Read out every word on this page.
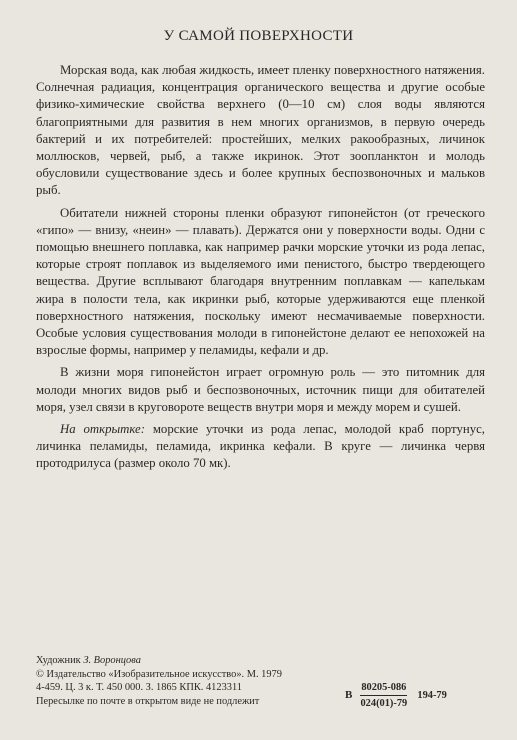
У САМОЙ ПОВЕРХНОСТИ

Морская вода, как любая жидкость, имеет пленку поверхностного натяжения. Солнечная радиация, концентрация органического вещества и другие особые физико-химические свойства верхнего (0—10 см) слоя воды являются благоприятными для развития в нем многих организмов, в первую очередь бактерий и их потребителей: простейших, мелких ракообразных, личинок моллюсков, червей, рыб, а также икринок. Этот зоопланктон и молодь обусловили существование здесь и более крупных беспозвоночных и мальков рыб.

Обитатели нижней стороны пленки образуют гипонейстон (от греческого «гипо» — внизу, «неин» — плавать). Держатся они у поверхности воды. Одни с помощью внешнего поплавка, как например рачки морские уточки из рода лепас, которые строят поплавок из выделяемого ими пенистого, быстро твердеющего вещества. Другие всплывают благодаря внутренним поплавкам — капелькам жира в полости тела, как икринки рыб, которые удерживаются еще пленкой поверхностного натяжения, поскольку имеют несмачиваемые поверхности. Особые условия существования молоди в гипонейстоне делают ее непохожей на взрослые формы, например у пеламиды, кефали и др.

В жизни моря гипонейстон играет огромную роль — это питомник для молоди многих видов рыб и беспозвоночных, источник пищи для обитателей моря, узел связи в круговороте веществ внутри моря и между морем и сушей.

На открытке: морские уточки из рода лепас, молодой краб портунус, личинка пеламиды, пеламида, икринка кефали. В круге — личинка червя протодрилуса (размер около 70 мк).

Художник З. Воронцова
© Издательство «Изобразительное искусство». М. 1979
4-459. Ц. 3 к. Т. 450 000. З. 1865 КПК. 4123311
Пересылке по почте в открытом виде не подлежит
В $\frac{80205-086}{024(01)-79} 194-79$
